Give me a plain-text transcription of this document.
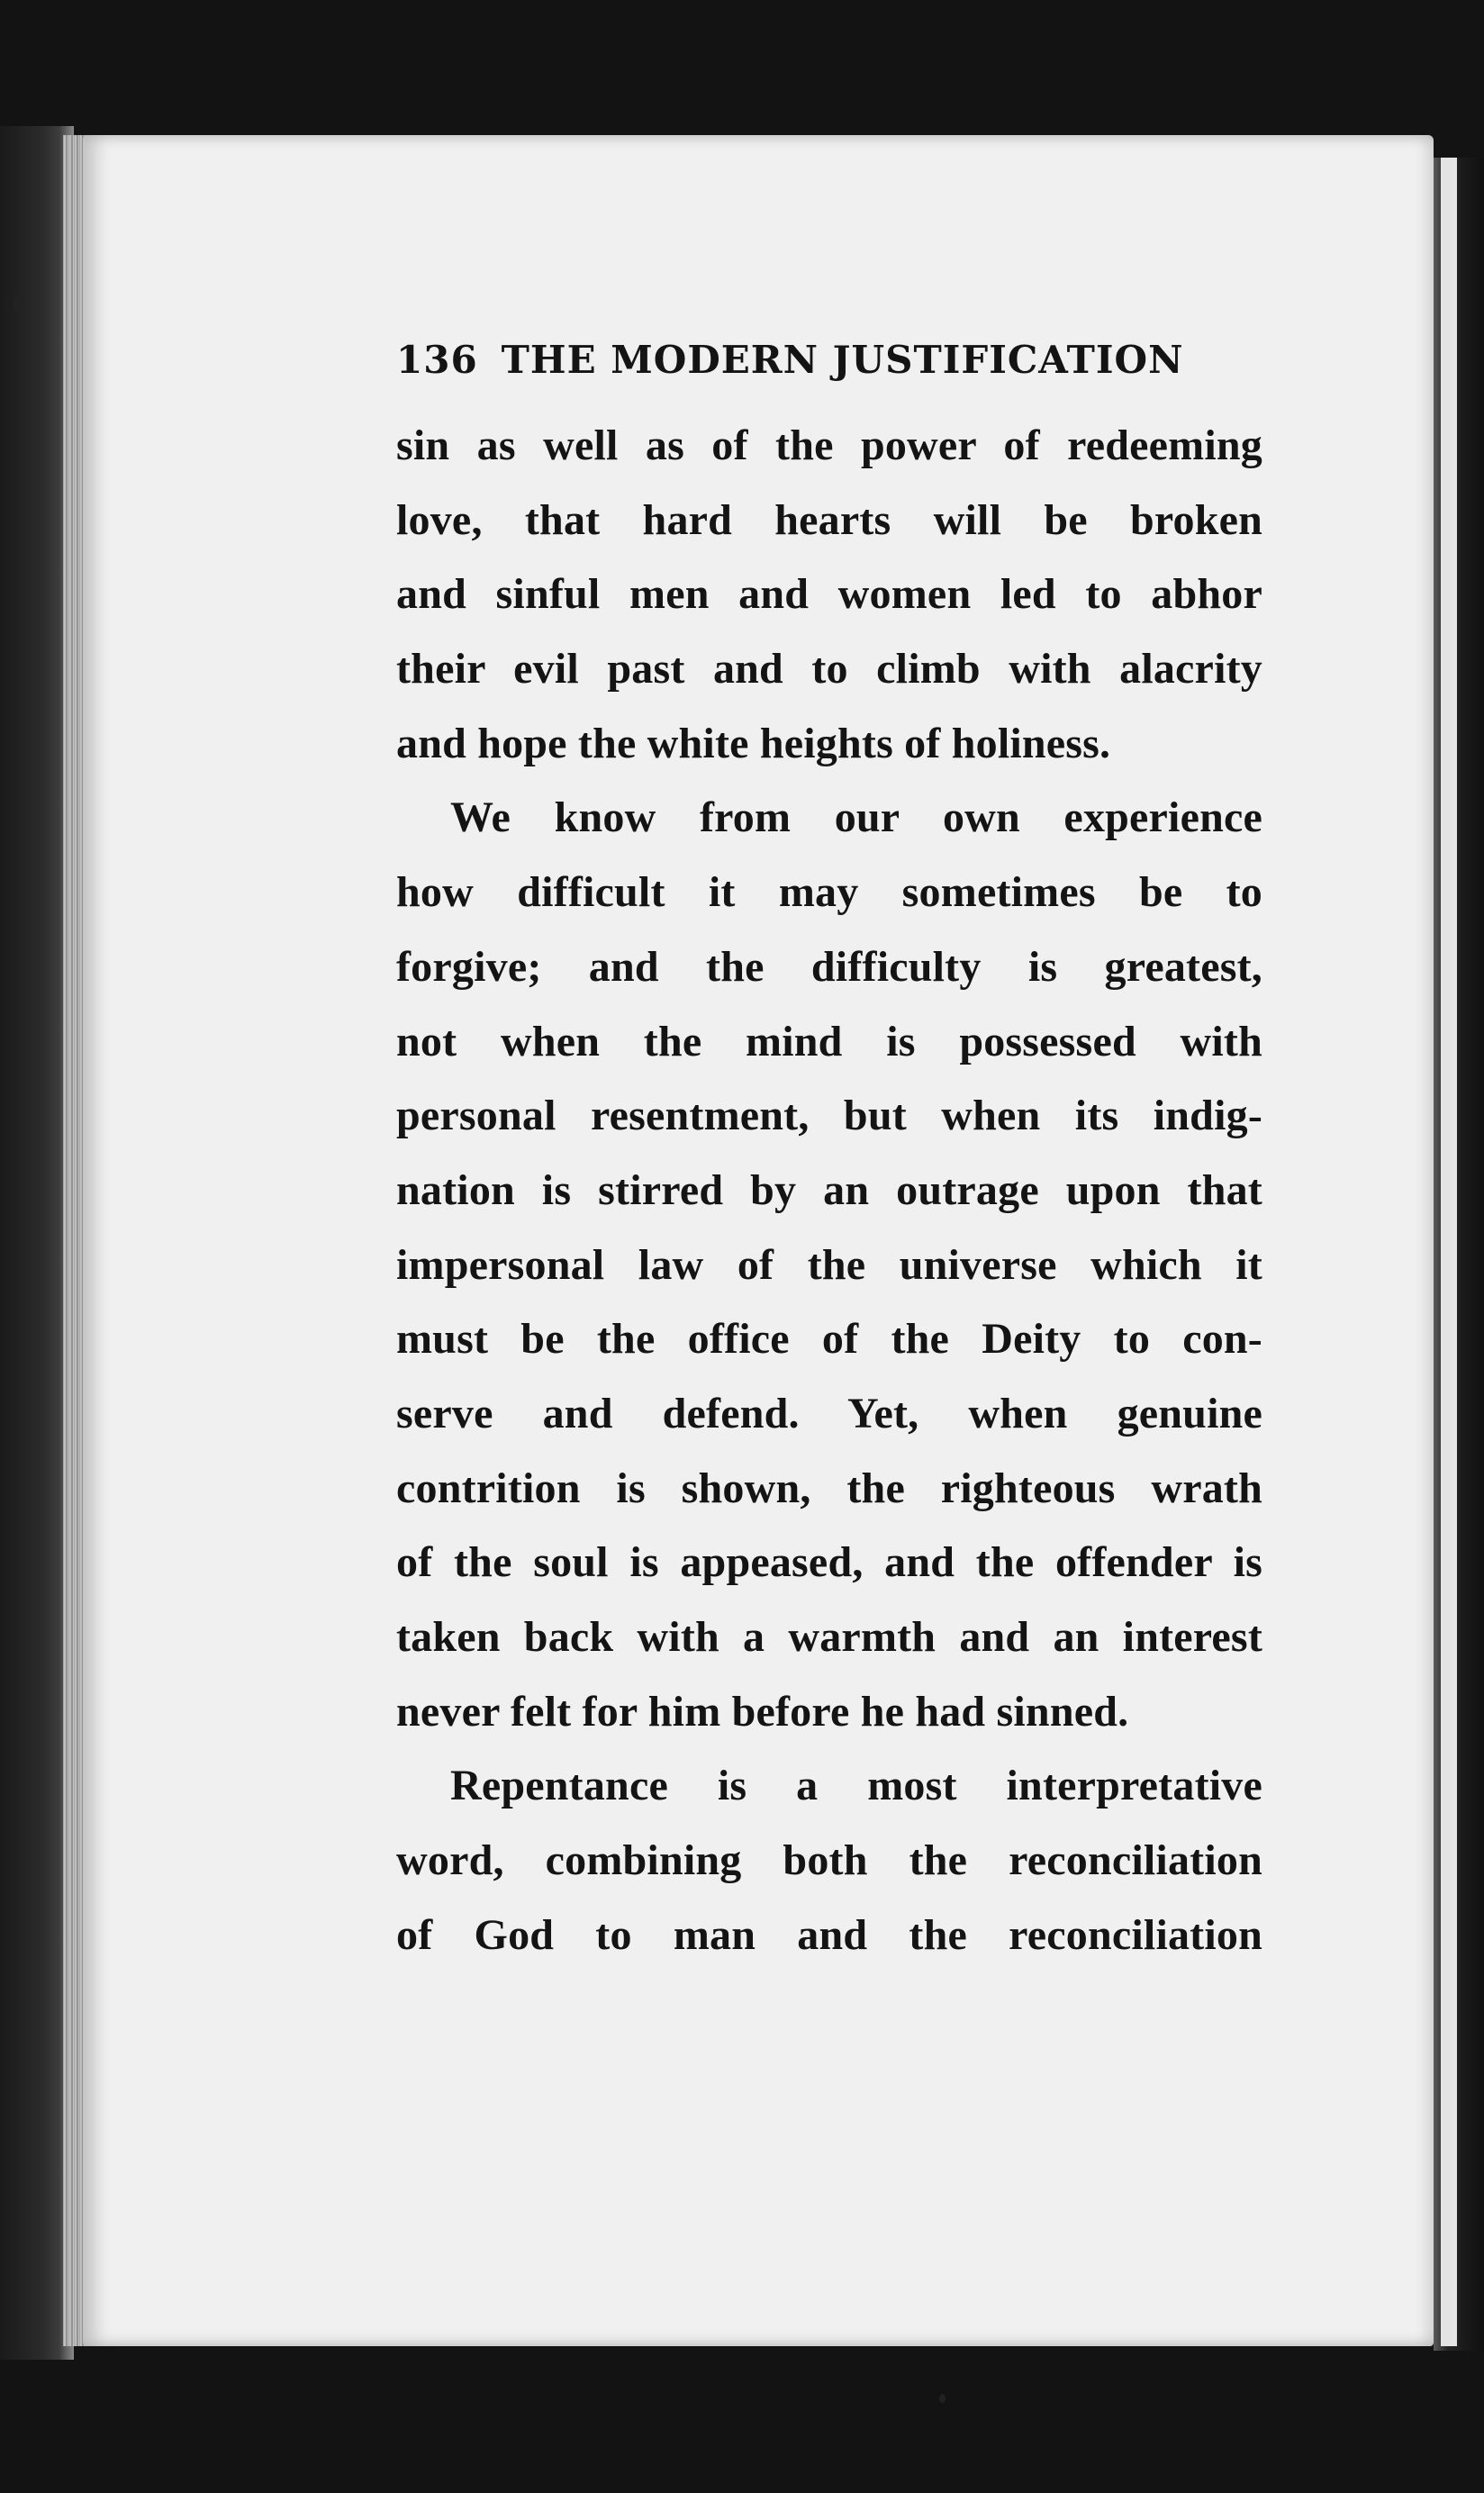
136 THE MODERN JUSTIFICATION
sin as well as of the power of redeeming
love, that hard hearts will be broken
and sinful men and women led to abhor
their evil past and to climb with alacrity
and hope the white heights of holiness.
We know from our own experience
how difficult it may sometimes be to
forgive; and the difficulty is greatest,
not when the mind is possessed with
personal resentment, but when its indig-
nation is stirred by an outrage upon that
impersonal law of the universe which it
must be the office of the Deity to con-
serve and defend. Yet, when genuine
contrition is shown, the righteous wrath
of the soul is appeased, and the offender is
taken back with a warmth and an interest
never felt for him before he had sinned.
Repentance is a most interpretative
word, combining both the reconciliation
of God to man and the reconciliation
